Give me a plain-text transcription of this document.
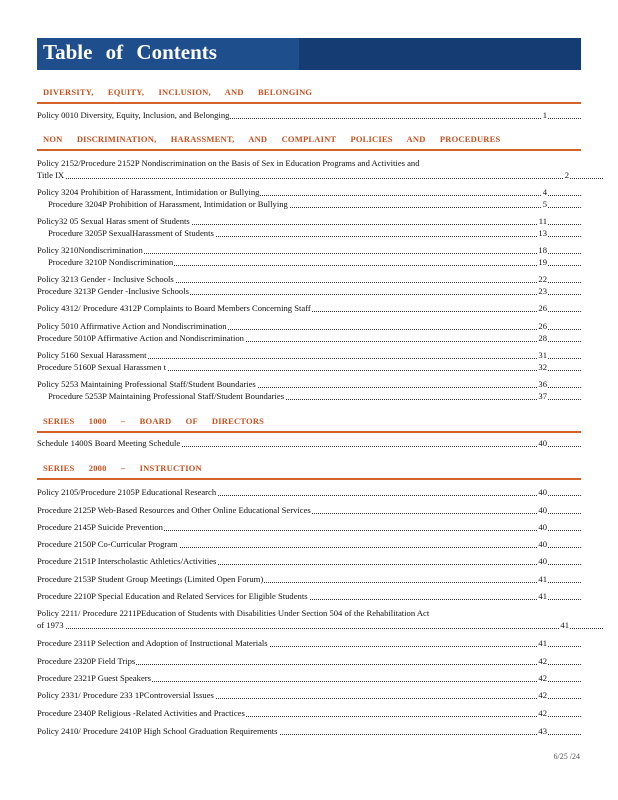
Table of Contents
DIVERSITY, EQUITY, INCLUSION, AND BELONGING
NON DISCRIMINATION, HARASSMENT, AND COMPLAINT POLICIES AND PROCEDURES
SERIES 1000 – BOARD OF DIRECTORS
SERIES 2000 – INSTRUCTION
Policy 0010 Diversity, Equity, Inclusion, and Belonging	1
Policy 2152/Procedure 2152P Nondiscrimination on the Basis of Sex in Education Programs and Activities and
Title IX	2
Policy 3204 Prohibition of Harassment, Intimidation or Bullying	4
Procedure 3204P Prohibition of Harassment, Intimidation or Bullying	5
Policy32 05 Sexual Haras sment of Students	11
Procedure 3205P SexualHarassment of Students	13
Policy 3210Nondiscrimination	18
Procedure 3210P Nondiscrimination	19
Policy 3213 Gender - Inclusive Schools	22
Procedure 3213P Gender -Inclusive Schools	23
Policy 4312/ Procedure 4312P Complaints to Board Members Concerning Staff	26
Policy 5010 Affirmative Action and Nondiscrimination	26
Procedure 5010P Affirmative Action and Nondiscrimination	28
Policy 5160 Sexual Harassment	31
Procedure 5160P Sexual Harassmen t	32
Policy 5253 Maintaining Professional Staff/Student Boundaries	36
Procedure 5253P Maintaining Professional Staff/Student Boundaries	37
Schedule 1400S Board Meeting Schedule	40
Policy 2105/Procedure 2105P Educational Research	40
Procedure 2125P Web-Based Resources and Other Online Educational Services	40
Procedure 2145P Suicide Prevention	40
Procedure 2150P Co-Curricular Program	40
Procedure 2151P Interscholastic Athletics/Activities	40
Procedure 2153P Student Group Meetings (Limited Open Forum)	41
Procedure 2210P Special Education and Related Services for Eligible Students	41
Policy 2211/ Procedure 2211PEducation of Students with Disabilities Under Section 504 of the Rehabilitation Act
of 1973	41
Procedure 2311P Selection and Adoption of Instructional Materials	41
Procedure 2320P Field Trips	42
Procedure 2321P Guest Speakers	42
Policy 2331/ Procedure 233 1PControversial Issues	42
Procedure 2340P Religious -Related Activities and Practices	42
Policy 2410/ Procedure 2410P High School Graduation Requirements	43
6/25 /24
